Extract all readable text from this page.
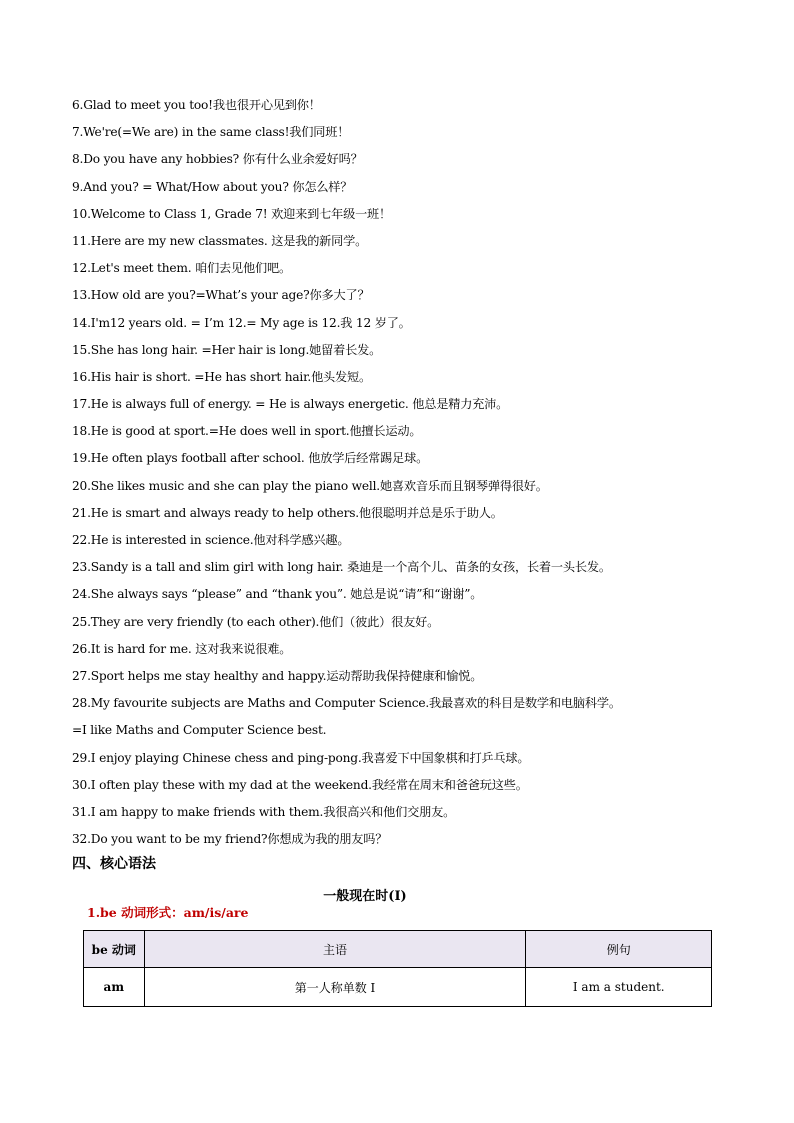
6.Glad to meet you too!我也很开心见到你！
7.We're(=We are) in the same class!我们同班！
8.Do you have any hobbies? 你有什么业余爱好吗？
9.And you? = What/How about you? 你怎么样？
10.Welcome to Class 1, Grade 7! 欢迎来到七年级一班！
11.Here are my new classmates. 这是我的新同学。
12.Let's meet them. 咱们去见他们吧。
13.How old are you?=What’s your age?你多大了？
14.I'm12 years old. = I’m 12.= My age is 12.我 12 岁了。
15.She has long hair. =Her hair is long.她留着长发。
16.His hair is short. =He has short hair.他头发短。
17.He is always full of energy. = He is always energetic. 他总是精力充沛。
18.He is good at sport.=He does well in sport.他擅长运动。
19.He often plays football after school. 他放学后经常踢足球。
20.She likes music and she can play the piano well.她喜欢音乐而且钢琴弹得很好。
21.He is smart and always ready to help others.他很聪明并总是乐于助人。
22.He is interested in science.他对科学感兴趣。
23.Sandy is a tall and slim girl with long hair. 桑迪是一个高个儿、苗条的女孩，长着一头长发。
24.She always says “please” and “thank you”. 她总是说“请”和“谢谢”。
25.They are very friendly (to each other).他们（彼此）很友好。
26.It is hard for me. 这对我来说很难。
27.Sport helps me stay healthy and happy.运动帮助我保持健康和愉悦。
28.My favourite subjects are Maths and Computer Science.我最喜欢的科目是数学和电脑科学。
=I like Maths and Computer Science best.
29.I enjoy playing Chinese chess and ping-pong.我喜爱下中国象棋和打乒乓球。
30.I often play these with my dad at the weekend.我经常在周末和爸爸玩这些。
31.I am happy to make friends with them.我很高兴和他们交朋友。
32.Do you want to be my friend?你想成为我的朋友吗？
四、核心语法
一般现在时(I)
1.be 动词形式：am/is/are
be 动词	主语	例句
am	第一人称单数 I	I am a student.
